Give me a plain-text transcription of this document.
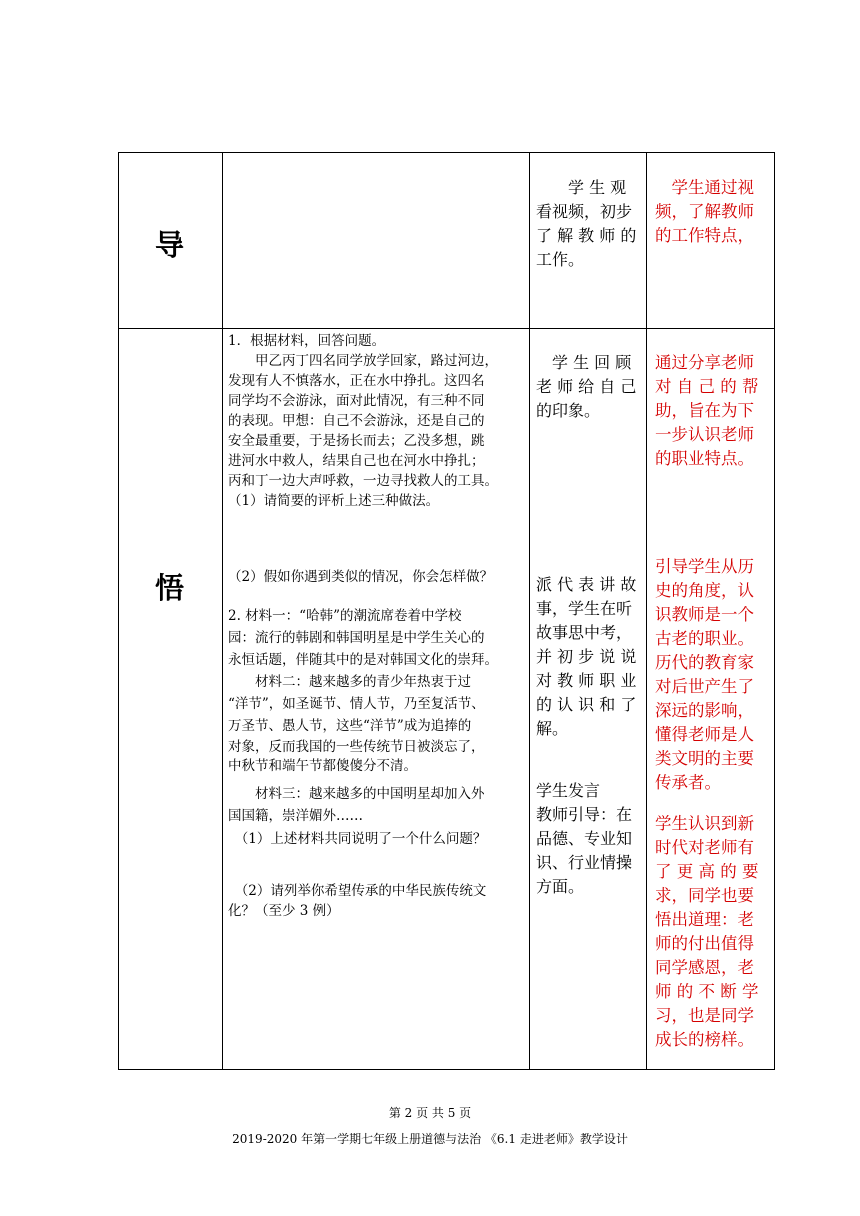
导

　　学 生 观

看视频，初步

了 解 教 师 的

工作。

　学生通过视

频，了解教师

的工作特点，

悟

1．根据材料，回答问题。

　　甲乙丙丁四名同学放学回家，路过河边，

发现有人不慎落水，正在水中挣扎。这四名

同学均不会游泳，面对此情况，有三种不同

的表现。甲想：自己不会游泳，还是自己的

安全最重要，于是扬长而去；乙没多想，跳

进河水中救人，结果自己也在河水中挣扎；

丙和丁一边大声呼救，一边寻找救人的工具。

（1）请简要的评析上述三种做法。

（2）假如你遇到类似的情况，你会怎样做？

2. 材料一：“哈韩”的潮流席卷着中学校

园：流行的韩剧和韩国明星是中学生关心的

永恒话题，伴随其中的是对韩国文化的崇拜。

　　材料二：越来越多的青少年热衷于过

“洋节”，如圣诞节、情人节，乃至复活节、

万圣节、愚人节，这些“洋节”成为追捧的

对象，反而我国的一些传统节日被淡忘了，

中秋节和端午节都傻傻分不清。

　　材料三：越来越多的中国明星却加入外

国国籍，崇洋媚外……

　（1）上述材料共同说明了一个什么问题？

　（2）请列举你希望传承的中华民族传统文

化？（至少 3 例）

　学 生 回 顾

老 师 给 自 己

的印象。

派 代 表 讲 故

事，学生在听

故事思中考，

并 初 步 说 说

对 教 师 职 业

的 认 识 和 了

解。

学生发言

教师引导：在

品德、专业知

识、行业情操

方面。

通过分享老师

对 自 己 的 帮

助，旨在为下

一步认识老师

的职业特点。

引导学生从历

史的角度，认

识教师是一个

古老的职业。

历代的教育家

对后世产生了

深远的影响，

懂得老师是人

类文明的主要

传承者。

学生认识到新

时代对老师有

了 更 高 的 要

求，同学也要

悟出道理：老

师的付出值得

同学感恩，老

师 的 不 断 学

习，也是同学

成长的榜样。

第 2 页 共 5 页
2019-2020 年第一学期七年级上册道德与法治 《6.1 走进老师》教学设计
